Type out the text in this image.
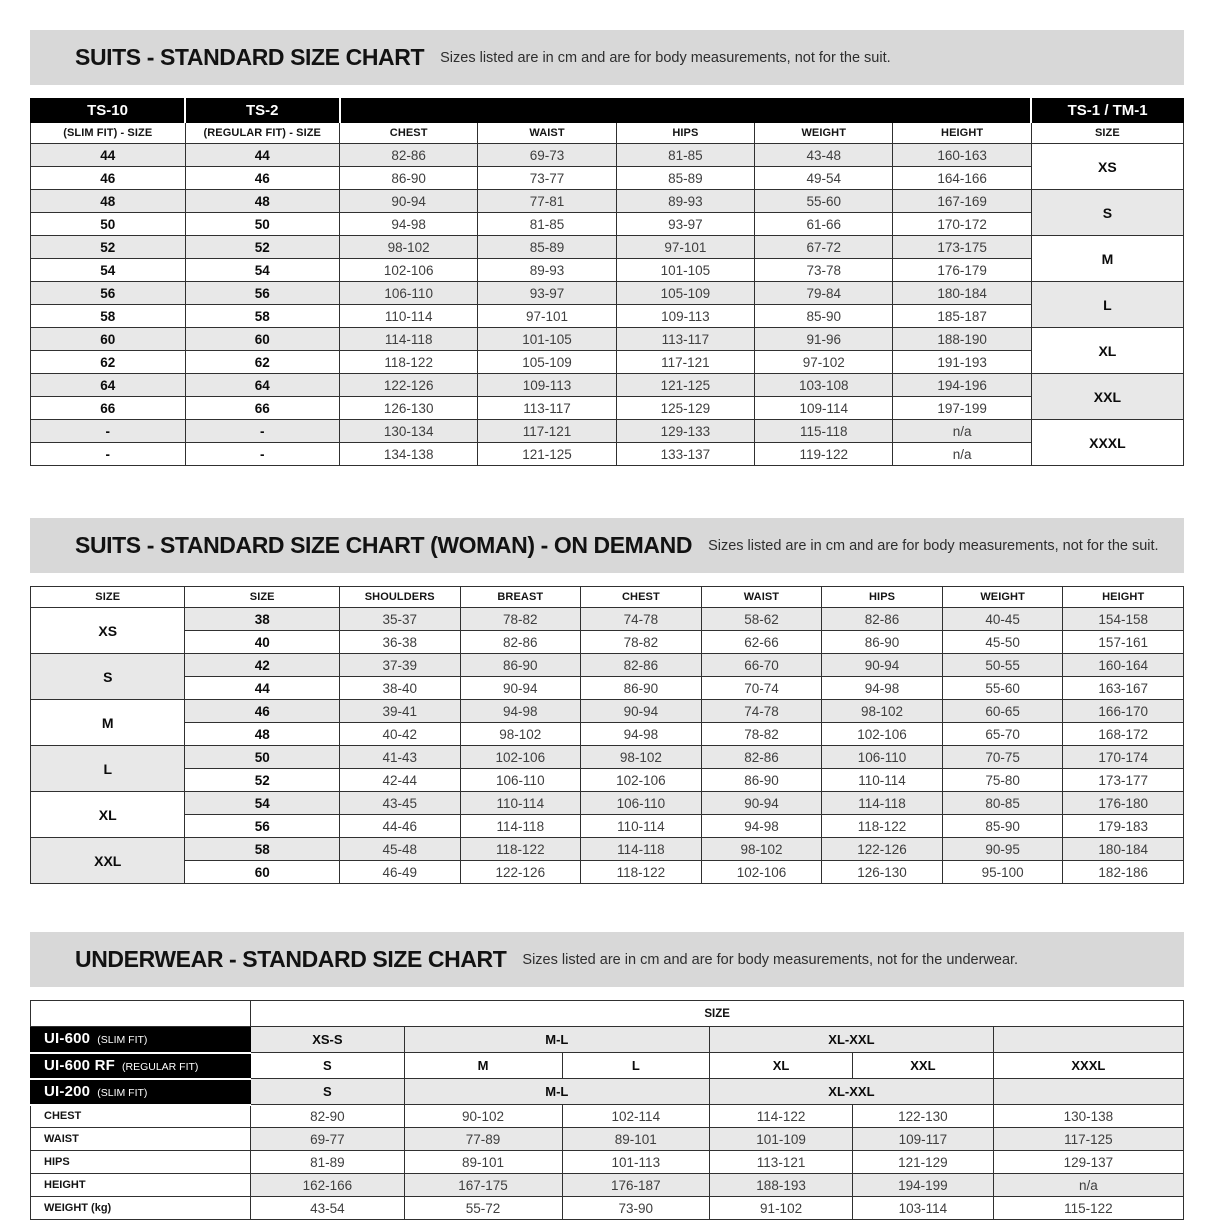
SUITS - STANDARD SIZE CHART Sizes listed are in cm and are for body measurements, not for the suit.
TS-10	TS-2						TS-1 / TM-1
(SLIM FIT) - SIZE	(REGULAR FIT) - SIZE	CHEST	WAIST	HIPS	WEIGHT	HEIGHT	SIZE
44	44	82-86	69-73	81-85	43-48	160-163	XS
46	46	86-90	73-77	85-89	49-54	164-166	
48	48	90-94	77-81	89-93	55-60	167-169	S
50	50	94-98	81-85	93-97	61-66	170-172	
52	52	98-102	85-89	97-101	67-72	173-175	M
54	54	102-106	89-93	101-105	73-78	176-179	
56	56	106-110	93-97	105-109	79-84	180-184	L
58	58	110-114	97-101	109-113	85-90	185-187	
60	60	114-118	101-105	113-117	91-96	188-190	XL
62	62	118-122	105-109	117-121	97-102	191-193	
64	64	122-126	109-113	121-125	103-108	194-196	XXL
66	66	126-130	113-117	125-129	109-114	197-199	
-	-	130-134	117-121	129-133	115-118	n/a	XXXL
-	-	134-138	121-125	133-137	119-122	n/a	
SUITS - STANDARD SIZE CHART (WOMAN) - ON DEMAND Sizes listed are in cm and are for body measurements, not for the suit.
SIZE	SIZE	SHOULDERS	BREAST	CHEST	WAIST	HIPS	WEIGHT	HEIGHT
XS	38	35-37	78-82	74-78	58-62	82-86	40-45	154-158
	40	36-38	82-86	78-82	62-66	86-90	45-50	157-161
S	42	37-39	86-90	82-86	66-70	90-94	50-55	160-164
	44	38-40	90-94	86-90	70-74	94-98	55-60	163-167
M	46	39-41	94-98	90-94	74-78	98-102	60-65	166-170
	48	40-42	98-102	94-98	78-82	102-106	65-70	168-172
L	50	41-43	102-106	98-102	82-86	106-110	70-75	170-174
	52	42-44	106-110	102-106	86-90	110-114	75-80	173-177
XL	54	43-45	110-114	106-110	90-94	114-118	80-85	176-180
	56	44-46	114-118	110-114	94-98	118-122	85-90	179-183
XXL	58	45-48	118-122	114-118	98-102	122-126	90-95	180-184
	60	46-49	122-126	118-122	102-106	126-130	95-100	182-186
UNDERWEAR - STANDARD SIZE CHART Sizes listed are in cm and are for body measurements, not for the underwear.
	SIZE					
UI-600 (SLIM FIT)	XS-S	M-L		XL-XXL		
UI-600 RF (REGULAR FIT)	S	M	L	XL	XXL	XXXL
UI-200 (SLIM FIT)	S	M-L		XL-XXL		
CHEST	82-90	90-102	102-114	114-122	122-130	130-138
WAIST	69-77	77-89	89-101	101-109	109-117	117-125
HIPS	81-89	89-101	101-113	113-121	121-129	129-137
HEIGHT	162-166	167-175	176-187	188-193	194-199	n/a
WEIGHT (kg)	43-54	55-72	73-90	91-102	103-114	115-122
